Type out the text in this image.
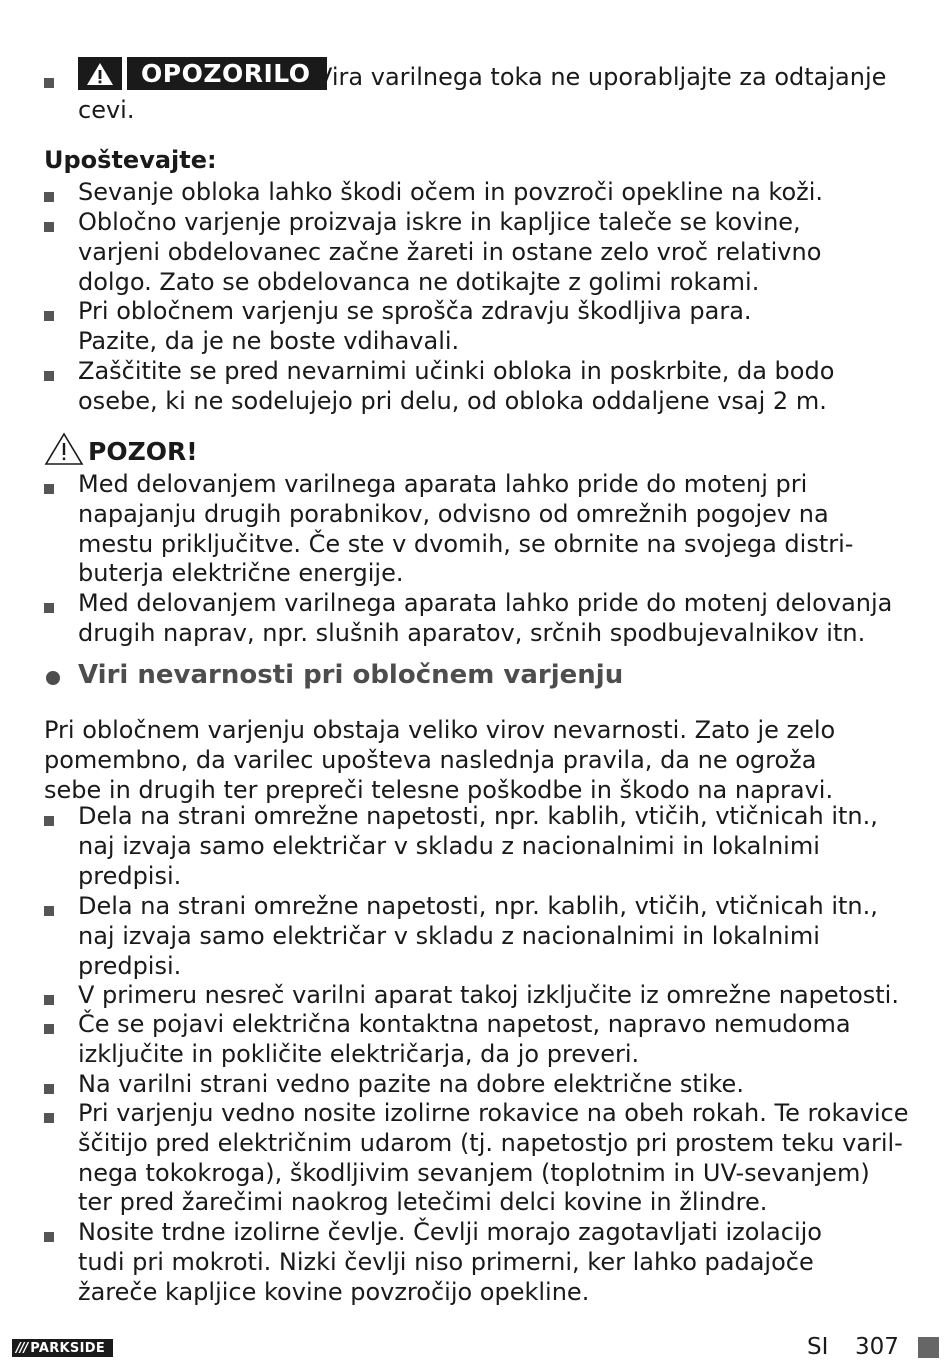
OPOZORILO Vira varilnega toka ne uporabljajte za odtajanje
cevi.
Upoštevajte:
Sevanje obloka lahko škodi očem in povzroči opekline na koži.
Obločno varjenje proizvaja iskre in kapljice taleče se kovine,
varjeni obdelovanec začne žareti in ostane zelo vroč relativno
dolgo. Zato se obdelovanca ne dotikajte z golimi rokami.
Pri obločnem varjenju se sprošča zdravju škodljiva para.
Pazite, da je ne boste vdihavali.
Zaščitite se pred nevarnimi učinki obloka in poskrbite, da bodo
osebe, ki ne sodelujejo pri delu, od obloka oddaljene vsaj 2 m.
POZOR!
Med delovanjem varilnega aparata lahko pride do motenj pri
napajanju drugih porabnikov, odvisno od omrežnih pogojev na
mestu priključitve. Če ste v dvomih, se obrnite na svojega distri-
buterja električne energije.
Med delovanjem varilnega aparata lahko pride do motenj delovanja
drugih naprav, npr. slušnih aparatov, srčnih spodbujevalnikov itn.
Viri nevarnosti pri obločnem varjenju
Pri obločnem varjenju obstaja veliko virov nevarnosti. Zato je zelo
pomembno, da varilec upošteva naslednja pravila, da ne ogroža
sebe in drugih ter prepreči telesne poškodbe in škodo na napravi.
Dela na strani omrežne napetosti, npr. kablih, vtičih, vtičnicah itn.,
naj izvaja samo električar v skladu z nacionalnimi in lokalnimi
predpisi.
Dela na strani omrežne napetosti, npr. kablih, vtičih, vtičnicah itn.,
naj izvaja samo električar v skladu z nacionalnimi in lokalnimi
predpisi.
V primeru nesreč varilni aparat takoj izključite iz omrežne napetosti.
Če se pojavi električna kontaktna napetost, napravo nemudoma
izključite in pokličite električarja, da jo preveri.
Na varilni strani vedno pazite na dobre električne stike.
Pri varjenju vedno nosite izolirne rokavice na obeh rokah. Te rokavice
ščitijo pred električnim udarom (tj. napetostjo pri prostem teku varil-
nega tokokroga), škodljivim sevanjem (toplotnim in UV-sevanjem)
ter pred žarečimi naokrog letečimi delci kovine in žlindre.
Nosite trdne izolirne čevlje. Čevlji morajo zagotavljati izolacijo
tudi pri mokroti. Nizki čevlji niso primerni, ker lahko padajoče
žareče kapljice kovine povzročijo opekline.
/// PARKSIDE	SI 307
